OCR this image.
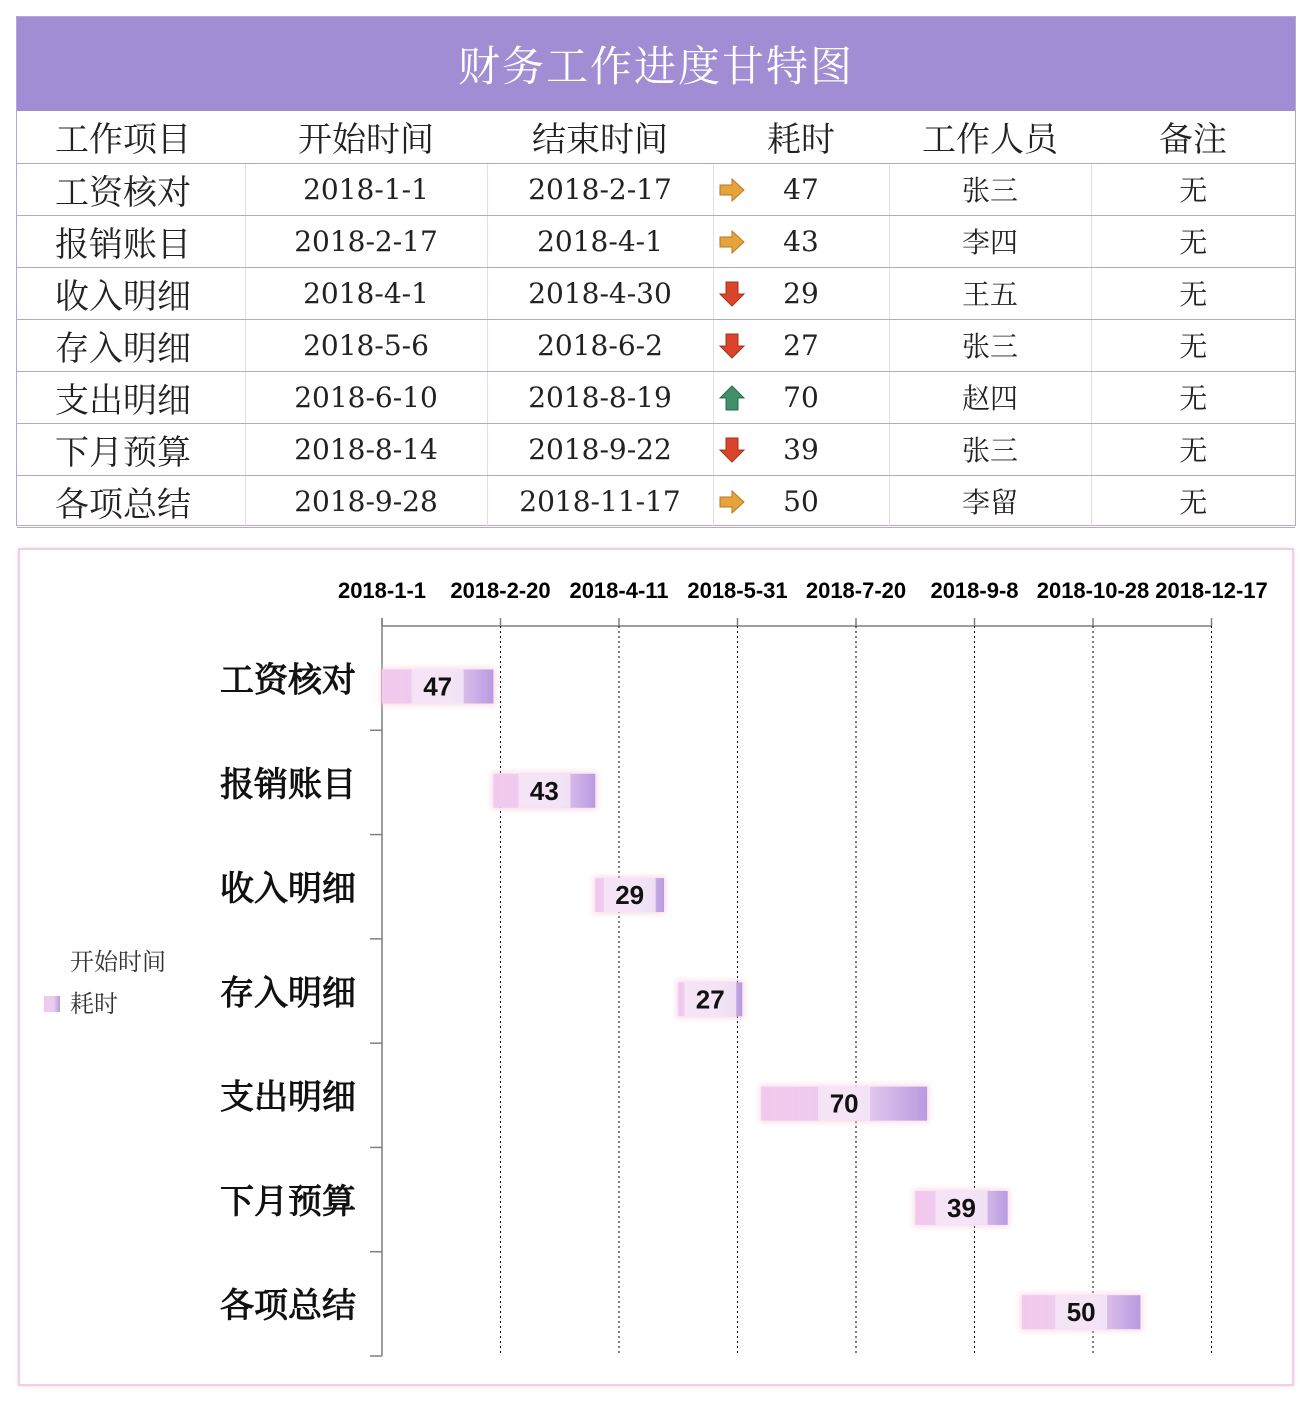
财务工作进度甘特图
工作项目	开始时间	结束时间	耗时	工作人员	备注
工资核对	2018-1-1	2018-2-17	47	张三	无
报销账目	2018-2-17	2018-4-1	43	李四	无
收入明细	2018-4-1	2018-4-30	29	王五	无
存入明细	2018-5-6	2018-6-2	27	张三	无
支出明细	2018-6-10	2018-8-19	70	赵四	无
下月预算	2018-8-14	2018-9-22	39	张三	无
各项总结	2018-9-28	2018-11-17	50	李留	无
2018-1-1 2018-2-20 2018-4-11 2018-5-31 2018-7-20 2018-9-8 2018-10-28 2018-12-17
47
工资核对
43
报销账目
29
收入明细
27
存入明细
70
支出明细
39
下月预算
50
各项总结
开始时间
耗时
